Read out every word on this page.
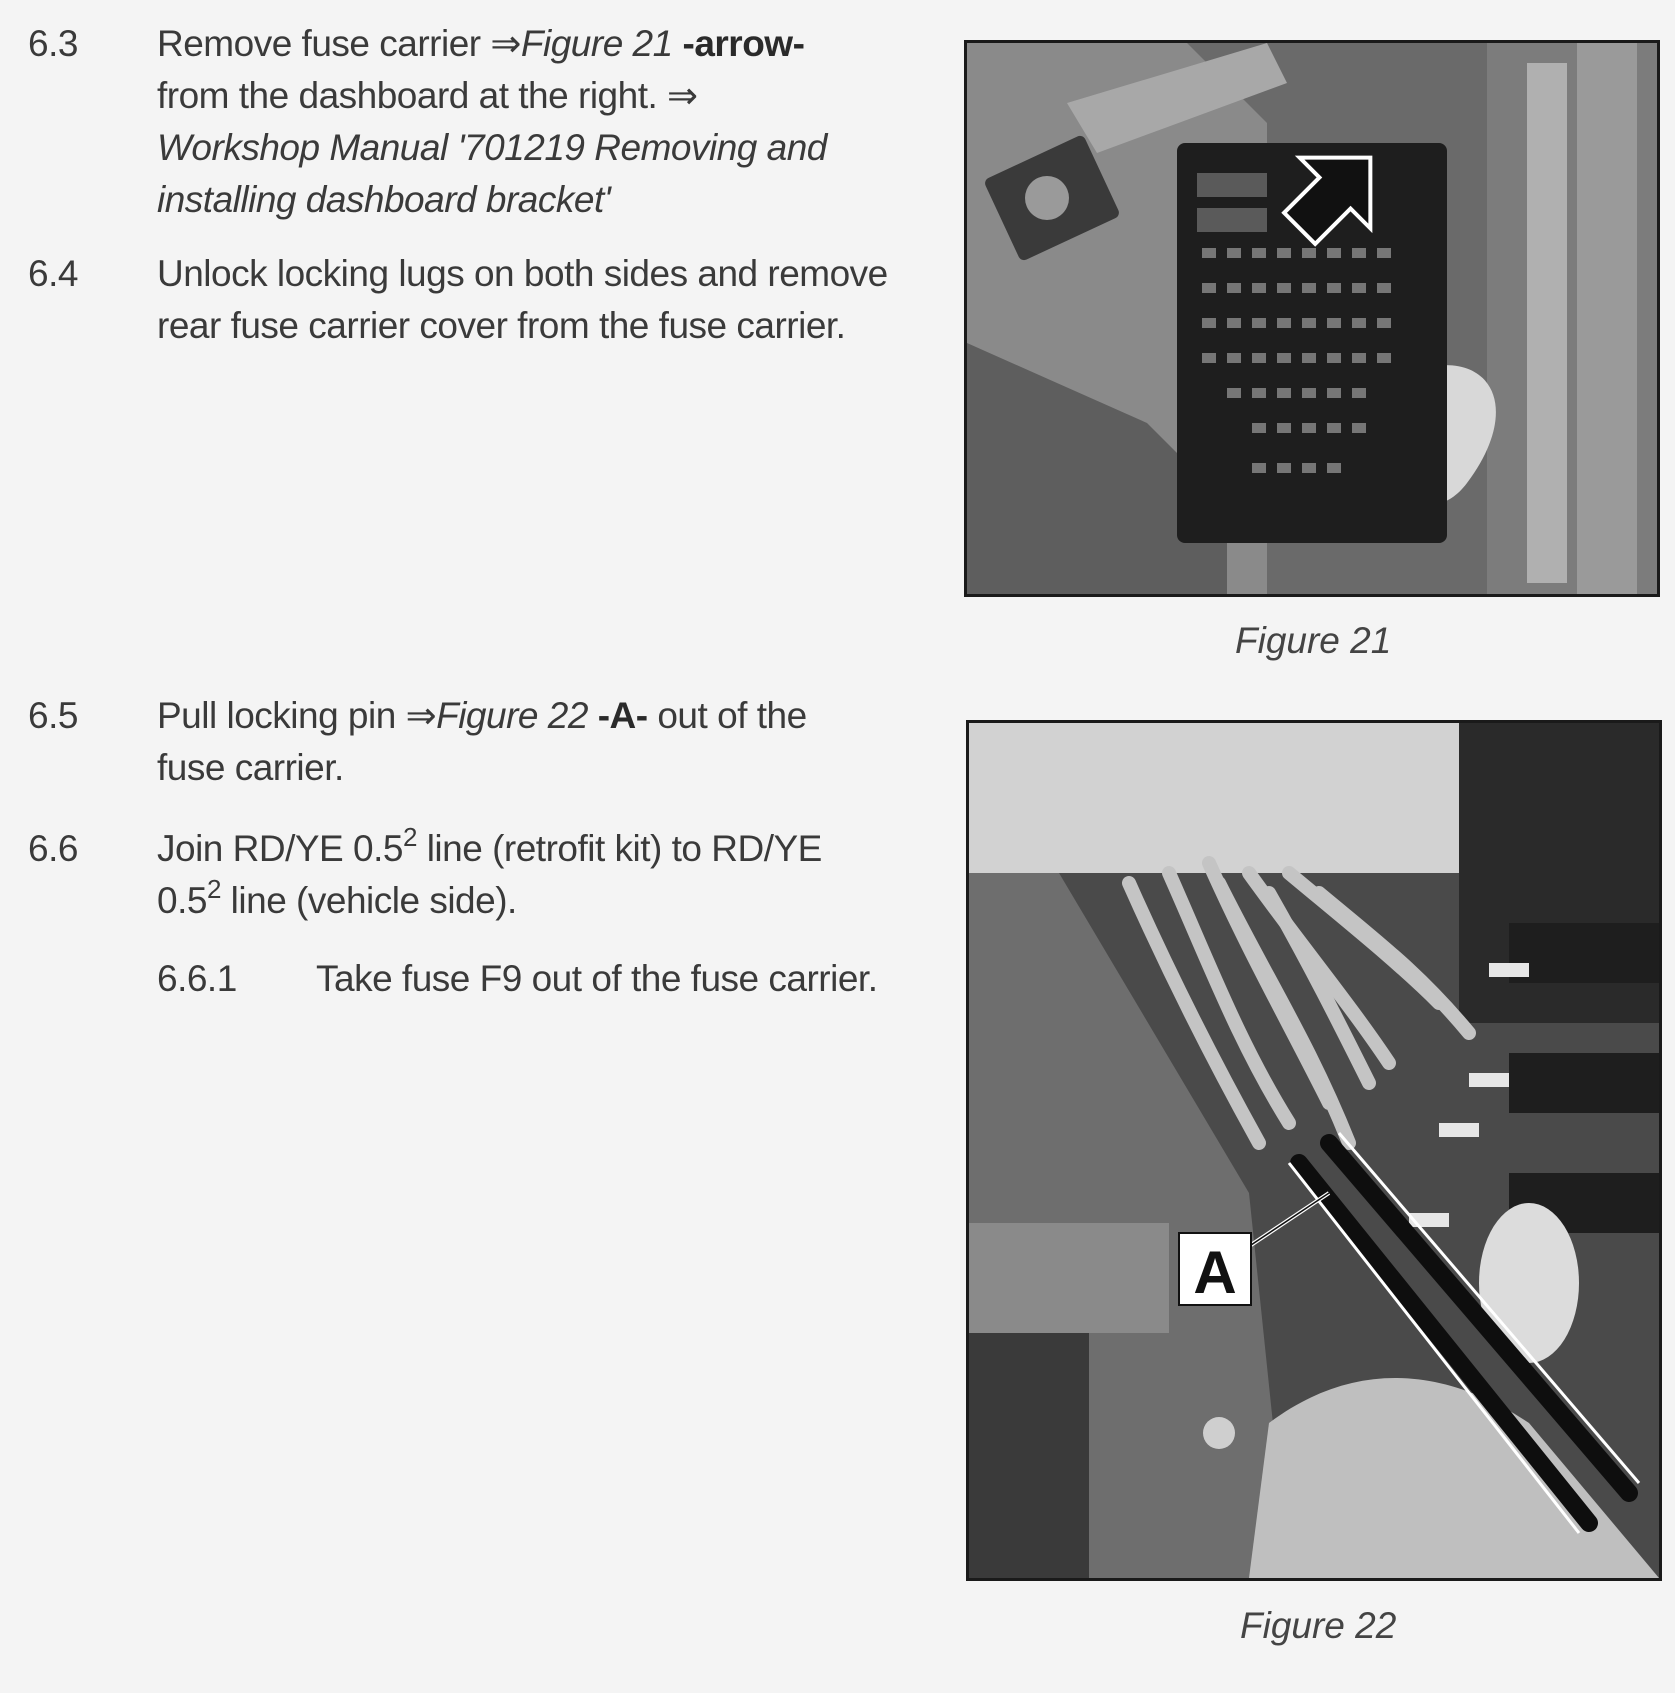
6.3	Remove fuse carrier ⇒Figure 21 -arrow- from the dashboard at the right. ⇒ Workshop Manual '701219 Removing and installing dashboard bracket'
6.4	Unlock locking lugs on both sides and remove rear fuse carrier cover from the fuse carrier.
6.5	Pull locking pin ⇒Figure 22 -A- out of the fuse carrier.
6.6	Join RD/YE $0.5^2$ line (retrofit kit) to RD/YE $0.5^2$ line (vehicle side).
6.6.1	Take fuse F9 out of the fuse carrier.
Figure 21
A
Figure 22
